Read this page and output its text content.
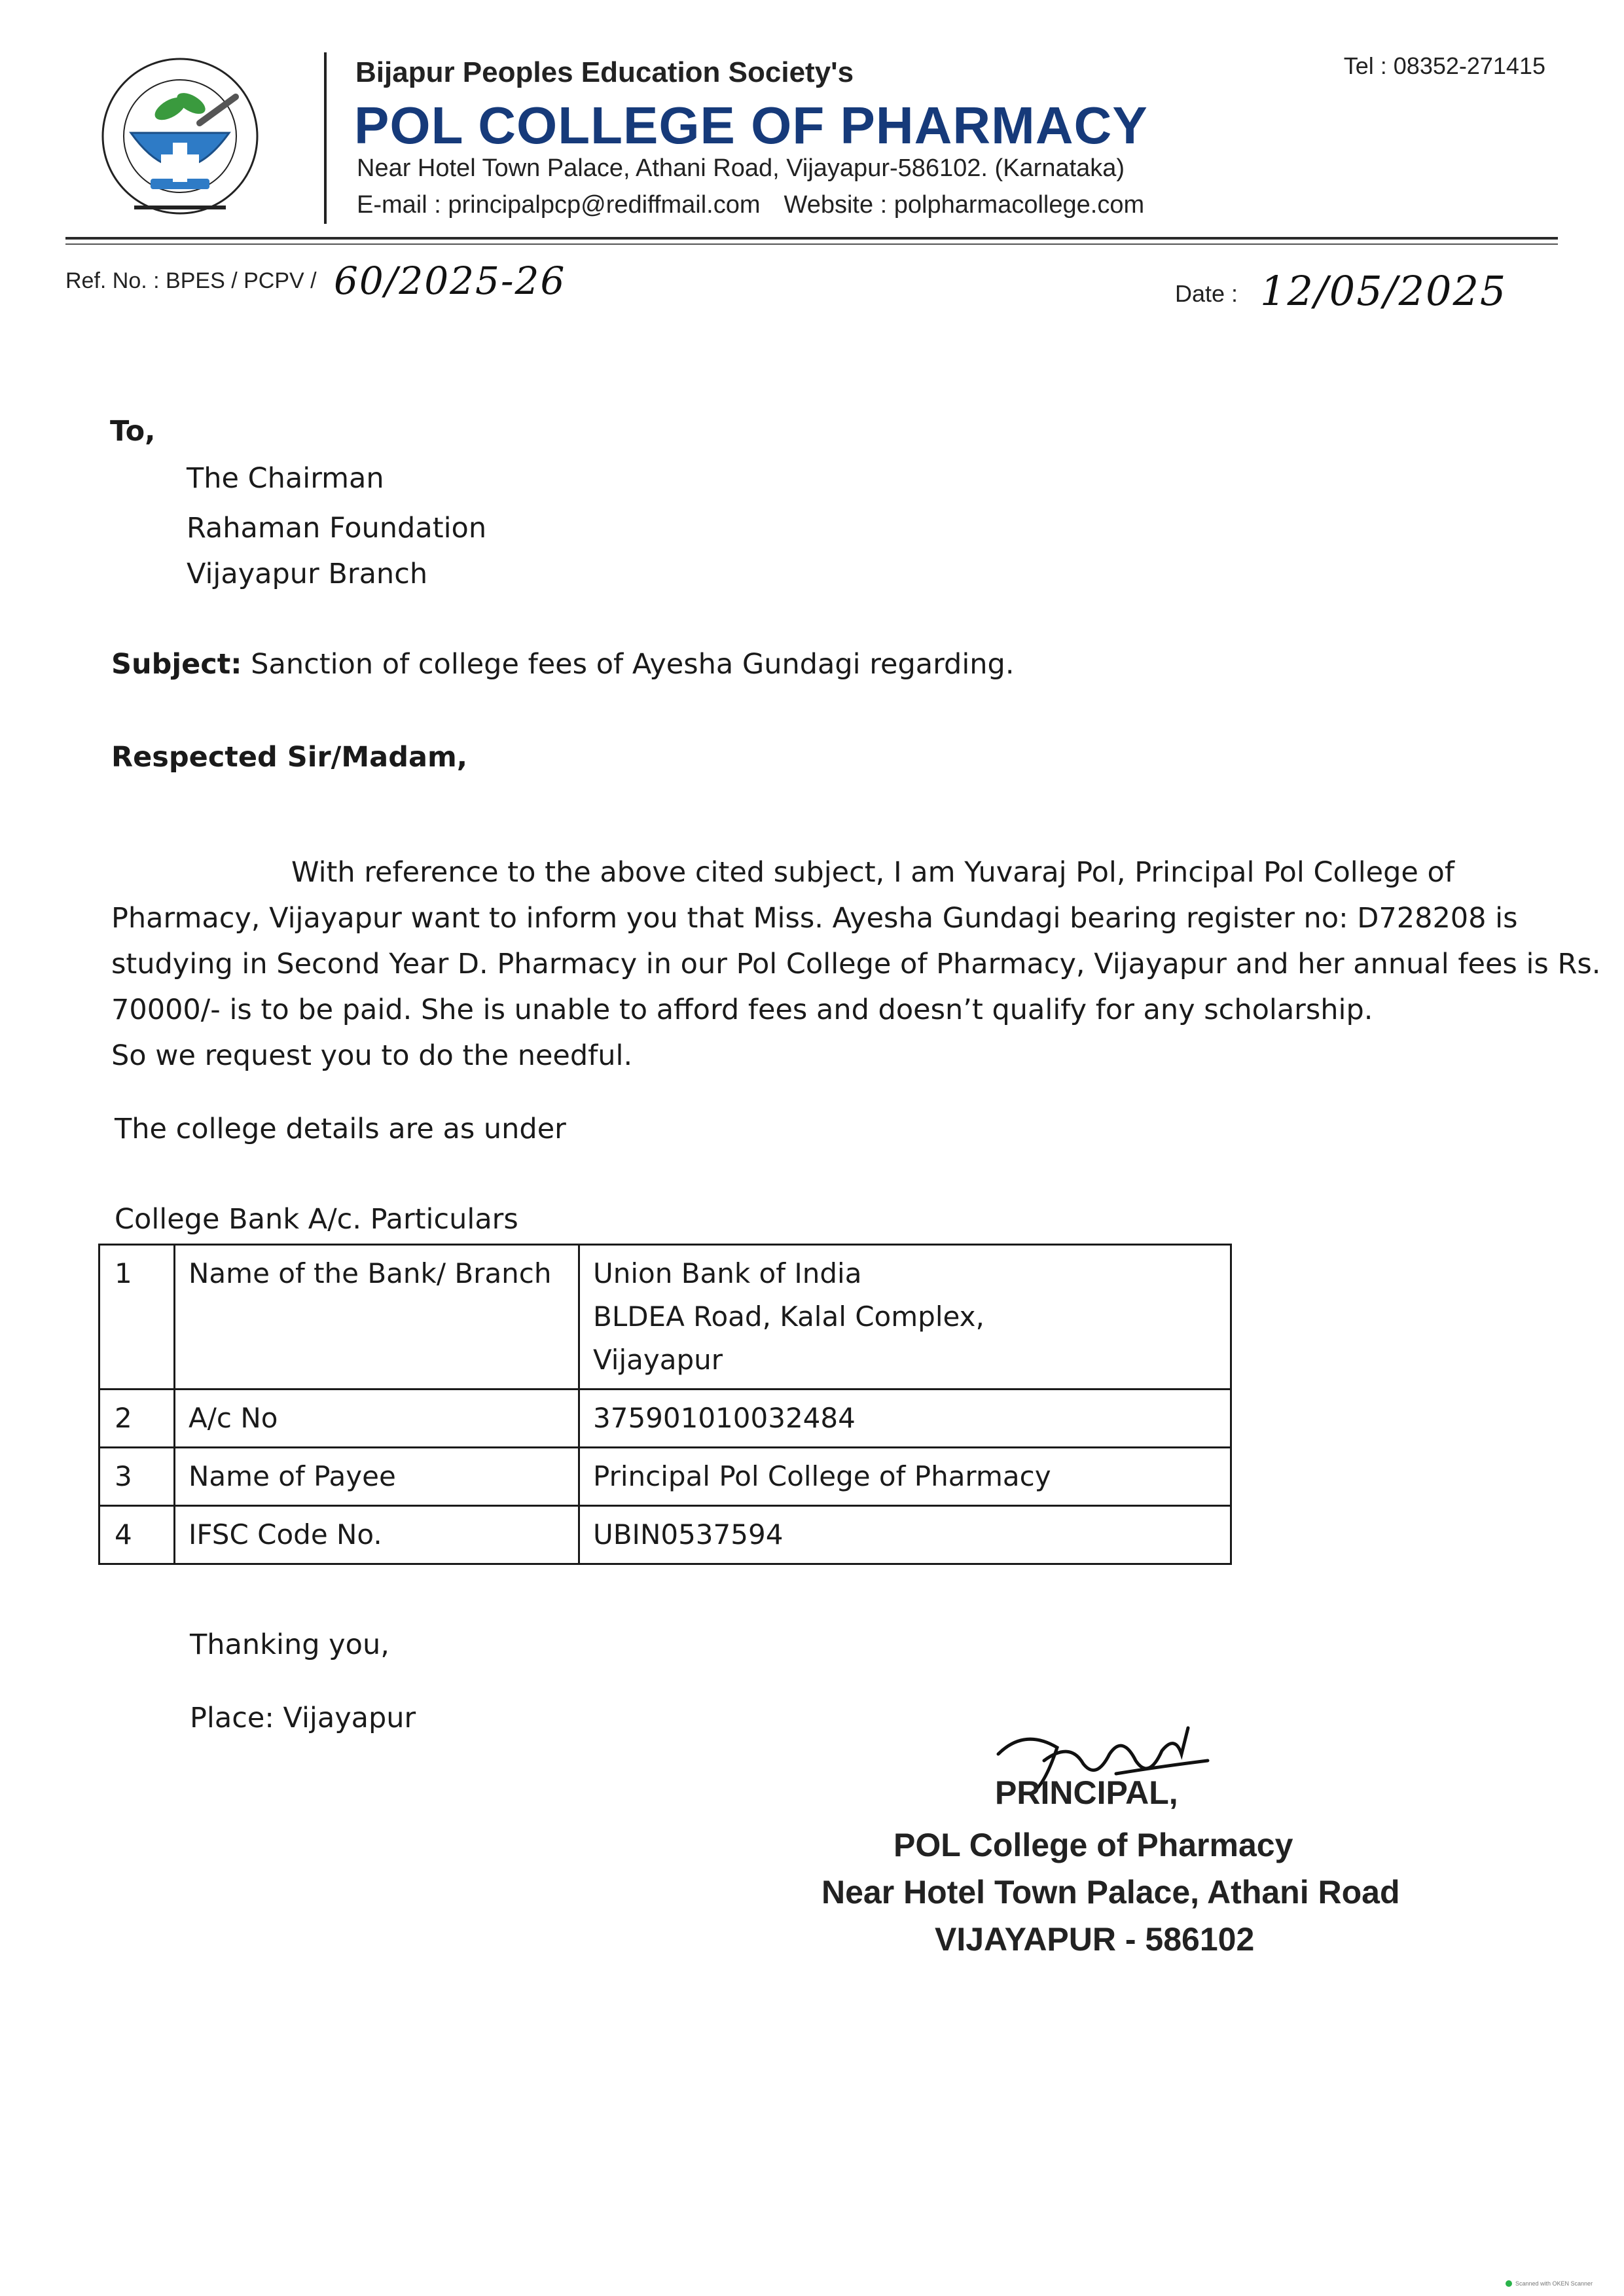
Bijapur Peoples Education Society's
POL COLLEGE OF PHARMACY
Near Hotel Town Palace, Athani Road, Vijayapur-586102. (Karnataka)
E-mail : principalpcp@rediffmail.com Website : polpharmacollege.com
Tel : 08352-271415
Ref. No. : BPES / PCPV / 60/2025-26	Date : 12/05/2025
To,
The Chairman
Rahaman Foundation
Vijayapur Branch
Subject: Sanction of college fees of Ayesha Gundagi regarding.
Respected Sir/Madam,
With reference to the above cited subject, I am Yuvaraj Pol, Principal Pol College of
Pharmacy, Vijayapur want to inform you that Miss. Ayesha Gundagi bearing register no: D728208 is
studying in Second Year D. Pharmacy in our Pol College of Pharmacy, Vijayapur and her annual fees is Rs.
70000/- is to be paid. She is unable to afford fees and doesn’t qualify for any scholarship.
So we request you to do the needful.
The college details are as under
College Bank A/c. Particulars
1	Name of the Bank/ Branch	Union Bank of India
BLDEA Road, Kalal Complex,
Vijayapur

2	A/c No	375901010032484
3	Name of Payee	Principal Pol College of Pharmacy
4	IFSC Code No.	UBIN0537594
Thanking you,
Place: Vijayapur
PRINCIPAL,
POL College of Pharmacy
Near Hotel Town Palace, Athani Road
VIJAYAPUR - 586102
Scanned with OKEN Scanner
